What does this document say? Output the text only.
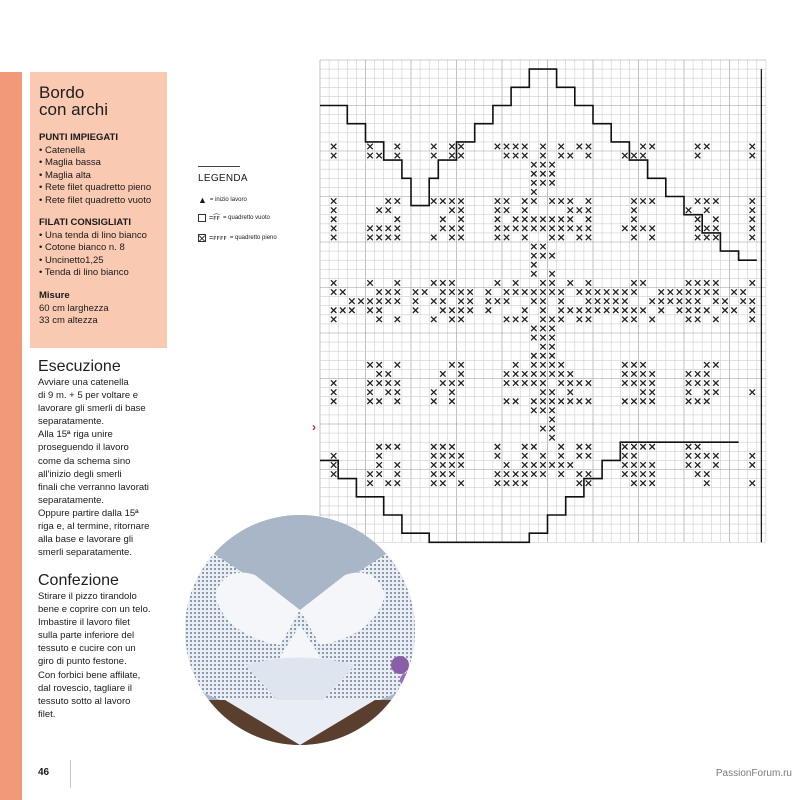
Bordo
con archi
PUNTI IMPIEGATI
• Catenella
• Maglia bassa
• Maglia alta
• Rete filet quadretto pieno
• Rete filet quadretto vuoto
FILATI CONSIGLIATI
• Una tenda di lino bianco
• Cotone bianco n. 8
• Uncinetto1,25
• Tenda di lino bianco
Misure
60 cm larghezza
33 cm altezza
Esecuzione
Avviare una catenella
di 9 m. + 5 per voltare e
lavorare gli smerli di base
separatamente.
Alla 15ª riga unire
proseguendo il lavoro
come da schema sino
all'inizio degli smerli
finali che verranno lavorati
separatamente.
Oppure partire dalla 15ª
riga e, al termine, ritornare
alla base e lavorare gli
smerli separatamente.
Confezione
Stirare il pizzo tirandolo
bene e coprire con un telo.
Imbastire il lavoro filet
sulla parte inferiore del
tessuto e cucire con un
giro di punto festone.
Con forbici bene affilate,
dal rovescio, tagliare il
tessuto sotto al lavoro
filet.
LEGENDA
▲ = inizio lavoro
=ꜰ͡ꜰ = quadretto vuoto
=ꜰꜰꜰꜰ = quadretto pieno
›
46	PassionForum.ru
